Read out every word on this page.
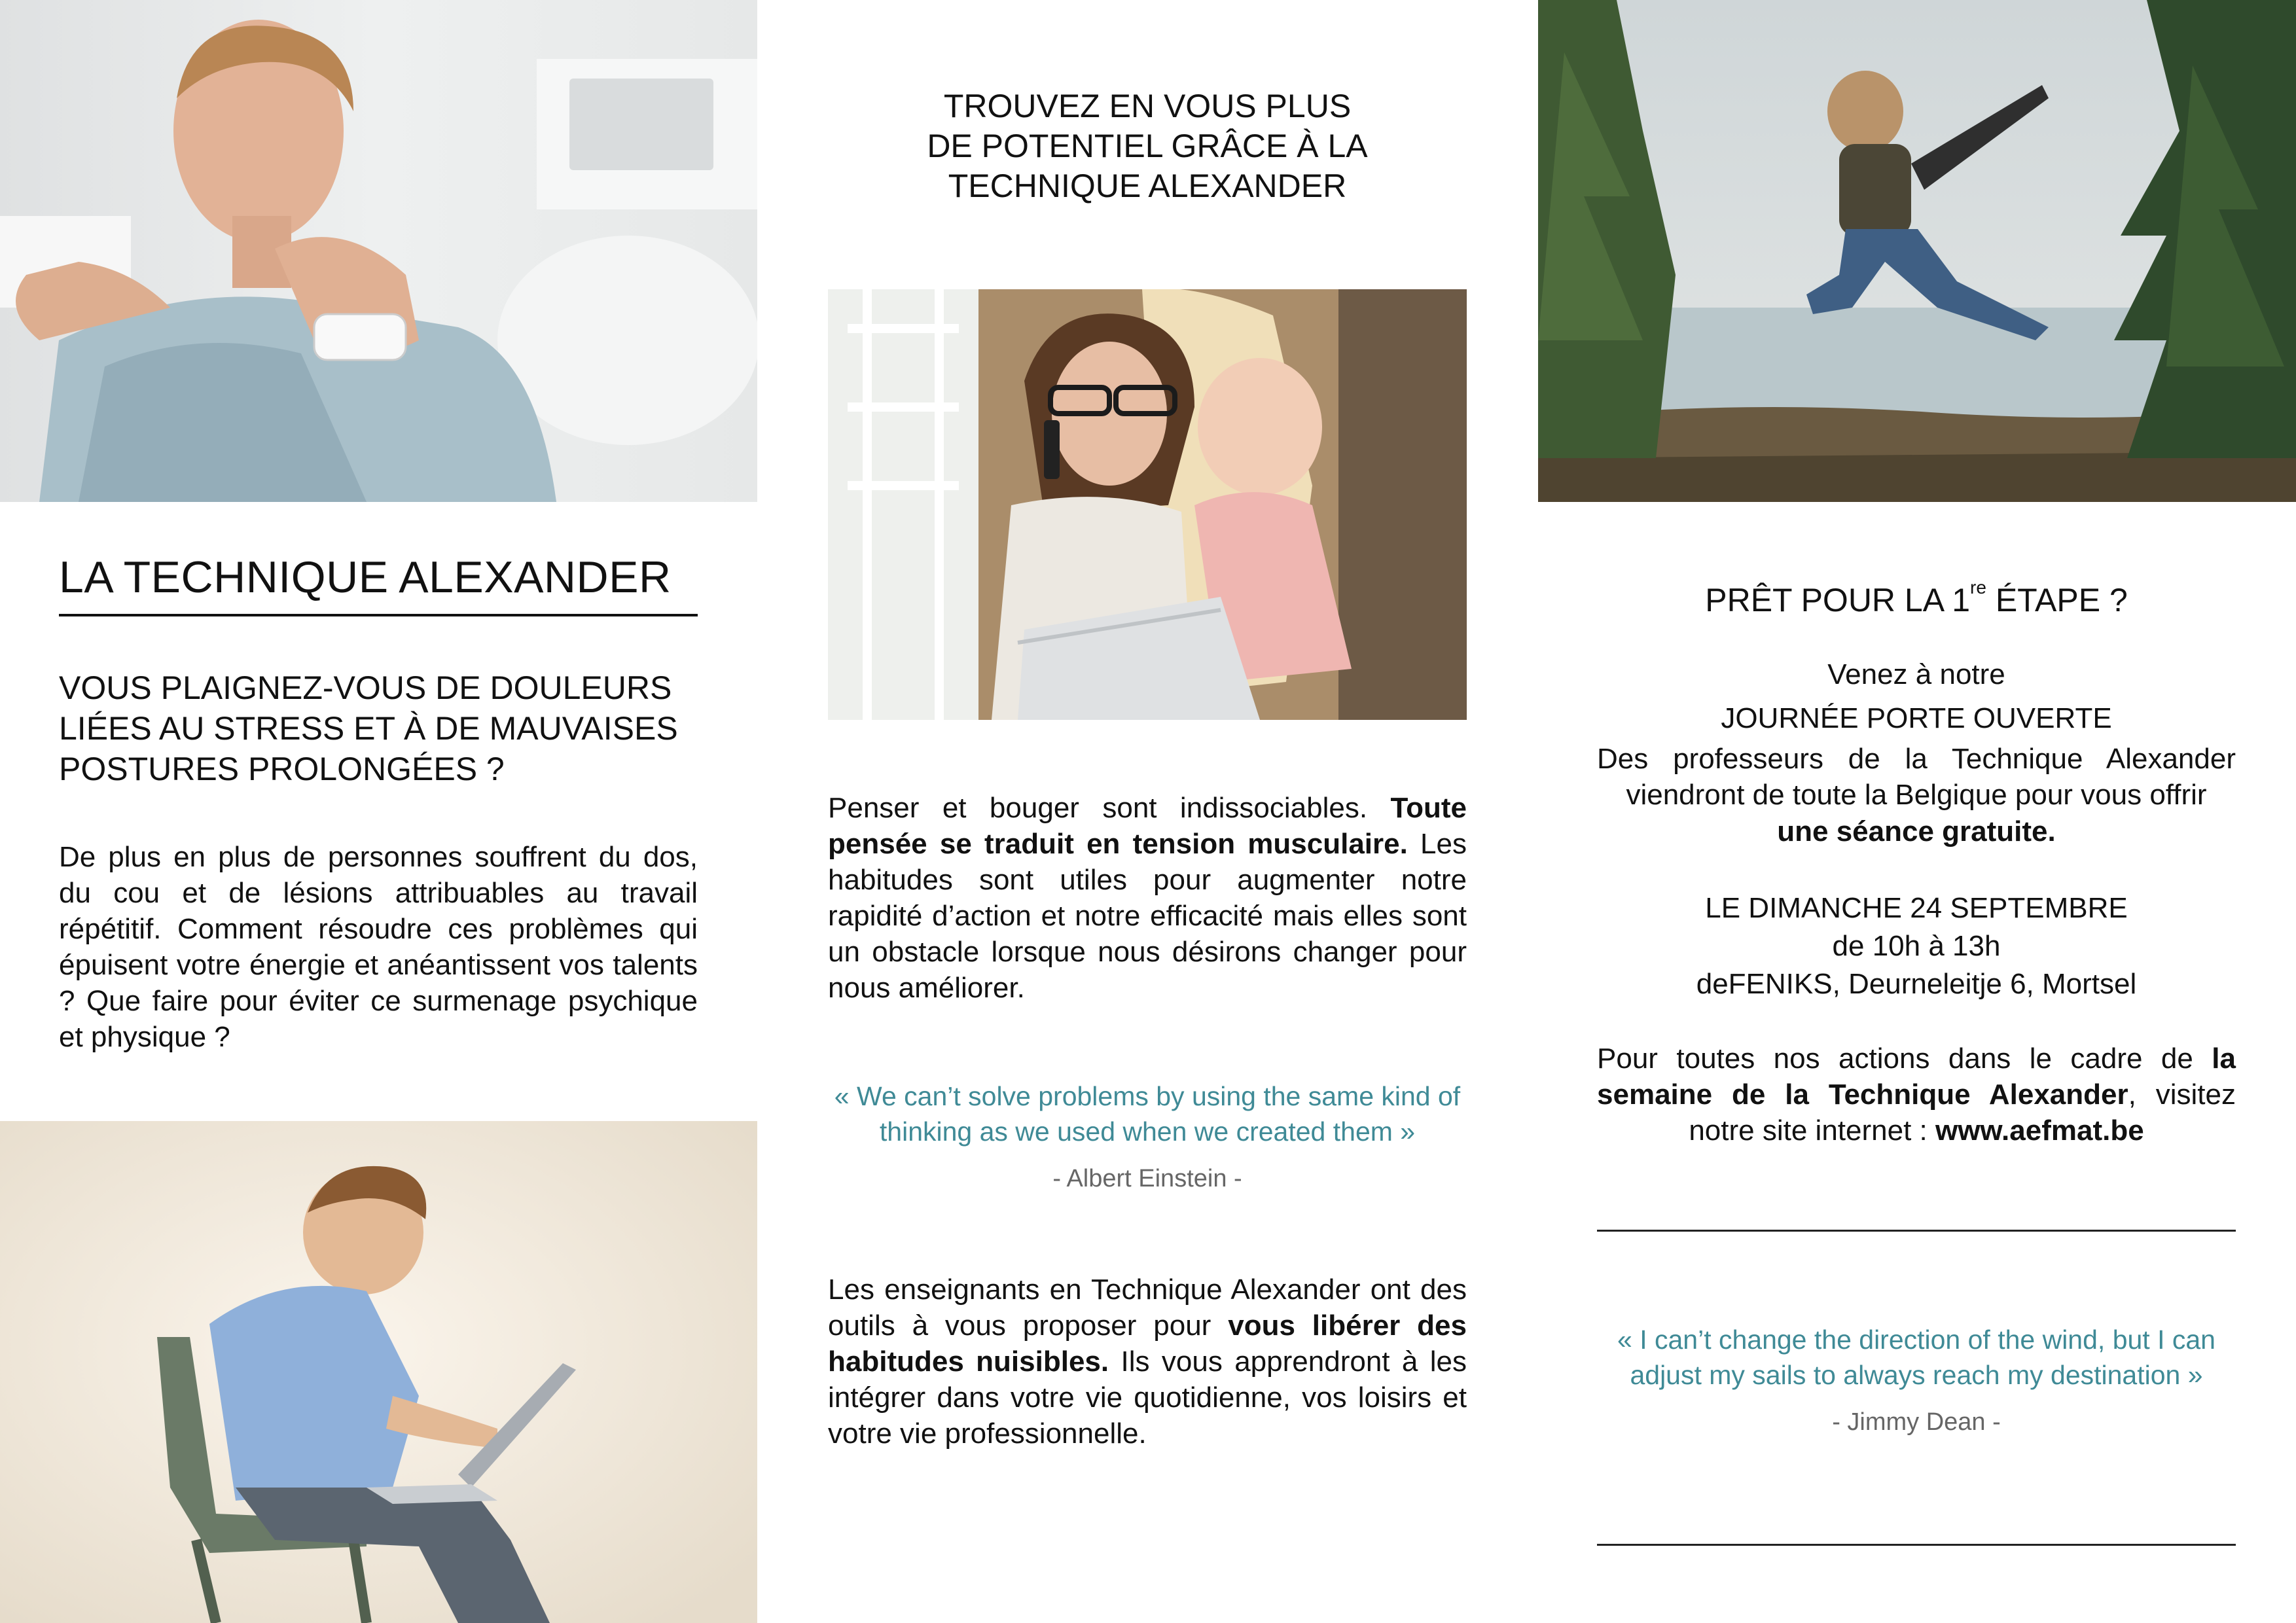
LA TECHNIQUE ALEXANDER
VOUS PLAIGNEZ-VOUS DE DOULEURS
LIÉES AU STRESS ET À DE MAUVAISES
POSTURES PROLONGÉES ?
De plus en plus de personnes souffrent du dos, du cou et de lésions attribuables au travail répétitif. Comment résoudre ces problèmes qui épuisent votre énergie et anéantissent vos talents ? Que faire pour éviter ce surmenage psychique et physique ?
TROUVEZ EN VOUS PLUS
DE POTENTIEL GRÂCE À LA
TECHNIQUE ALEXANDER
Penser et bouger sont indissociables. Toute pensée se traduit en tension musculaire. Les habitudes sont utiles pour augmenter notre rapidité d’action et notre efficacité mais elles sont un obstacle lorsque nous désirons changer pour nous améliorer.
« We can’t solve problems by using the same kind of thinking as we used when we created them »
- Albert Einstein -
Les enseignants en Technique Alexander ont des outils à vous proposer pour vous libérer des habitudes nuisibles. Ils vous apprendront à les intégrer dans votre vie quotidienne, vos loisirs et votre vie professionnelle.
PRÊT POUR LA 1re ÉTAPE ?
Venez à notre
JOURNÉE PORTE OUVERTE
Des professeurs de la Technique Alexander viendront de toute la Belgique pour vous offrir
une séance gratuite.
LE DIMANCHE 24 SEPTEMBRE
de 10h à 13h
deFENIKS, Deurneleitje 6, Mortsel
Pour toutes nos actions dans le cadre de la semaine de la Technique Alexander, visitez notre site internet : www.aefmat.be
« I can’t change the direction of the wind, but I can adjust my sails to always reach my destination »
- Jimmy Dean -
